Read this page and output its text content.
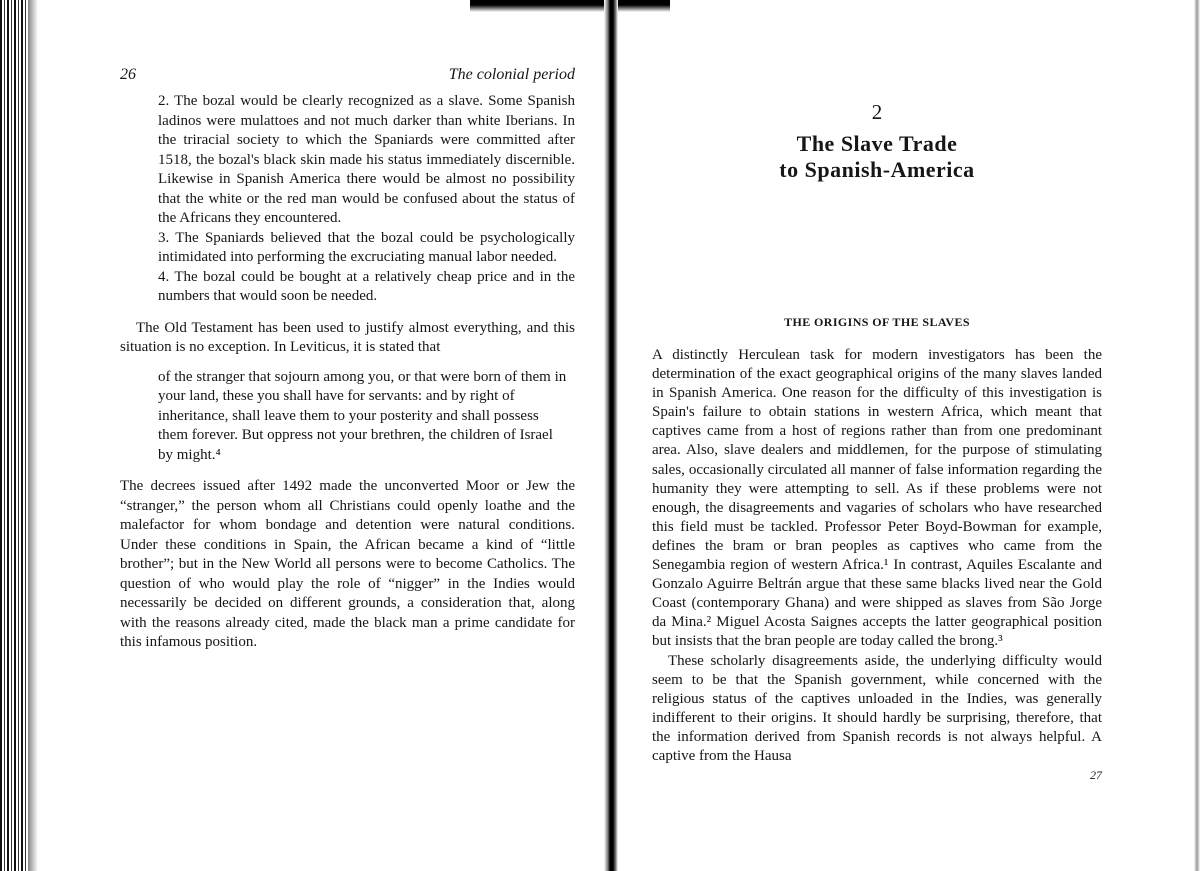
26	The colonial period

2. The bozal would be clearly recognized as a slave. Some Spanish ladinos were mulattoes and not much darker than white Iberians. In the triracial society to which the Spaniards were committed after 1518, the bozal's black skin made his status immediately discernible. Likewise in Spanish America there would be almost no possibility that the white or the red man would be confused about the status of the Africans they encountered.

3. The Spaniards believed that the bozal could be psychologically intimidated into performing the excruciating manual labor needed.

4. The bozal could be bought at a relatively cheap price and in the numbers that would soon be needed.

The Old Testament has been used to justify almost everything, and this situation is no exception. In Leviticus, it is stated that

of the stranger that sojourn among you, or that were born of them in your land, these you shall have for servants: and by right of inheritance, shall leave them to your posterity and shall possess them forever. But oppress not your brethren, the children of Israel by might.⁴

The decrees issued after 1492 made the unconverted Moor or Jew the “stranger,” the person whom all Christians could openly loathe and the malefactor for whom bondage and detention were natural conditions. Under these conditions in Spain, the African became a kind of “little brother”; but in the New World all persons were to become Catholics. The question of who would play the role of “nigger” in the Indies would necessarily be decided on different grounds, a consideration that, along with the reasons already cited, made the black man a prime candidate for this infamous position.

2
The Slave Trade
to Spanish-America
THE ORIGINS OF THE SLAVES

A distinctly Herculean task for modern investigators has been the determination of the exact geographical origins of the many slaves landed in Spanish America. One reason for the difficulty of this investigation is Spain's failure to obtain stations in western Africa, which meant that captives came from a host of regions rather than from one predominant area. Also, slave dealers and middlemen, for the purpose of stimulating sales, occasionally circulated all manner of false information regarding the humanity they were attempting to sell. As if these problems were not enough, the disagreements and vagaries of scholars who have researched this field must be tackled. Professor Peter Boyd-Bowman for example, defines the bram or bran peoples as captives who came from the Senegambia region of western Africa.¹ In contrast, Aquiles Escalante and Gonzalo Aguirre Beltrán argue that these same blacks lived near the Gold Coast (contemporary Ghana) and were shipped as slaves from São Jorge da Mina.² Miguel Acosta Saignes accepts the latter geographical position but insists that the bran people are today called the brong.³

These scholarly disagreements aside, the underlying difficulty would seem to be that the Spanish government, while concerned with the religious status of the captives unloaded in the Indies, was generally indifferent to their origins. It should hardly be surprising, therefore, that the information derived from Spanish records is not always helpful. A captive from the Hausa

27
